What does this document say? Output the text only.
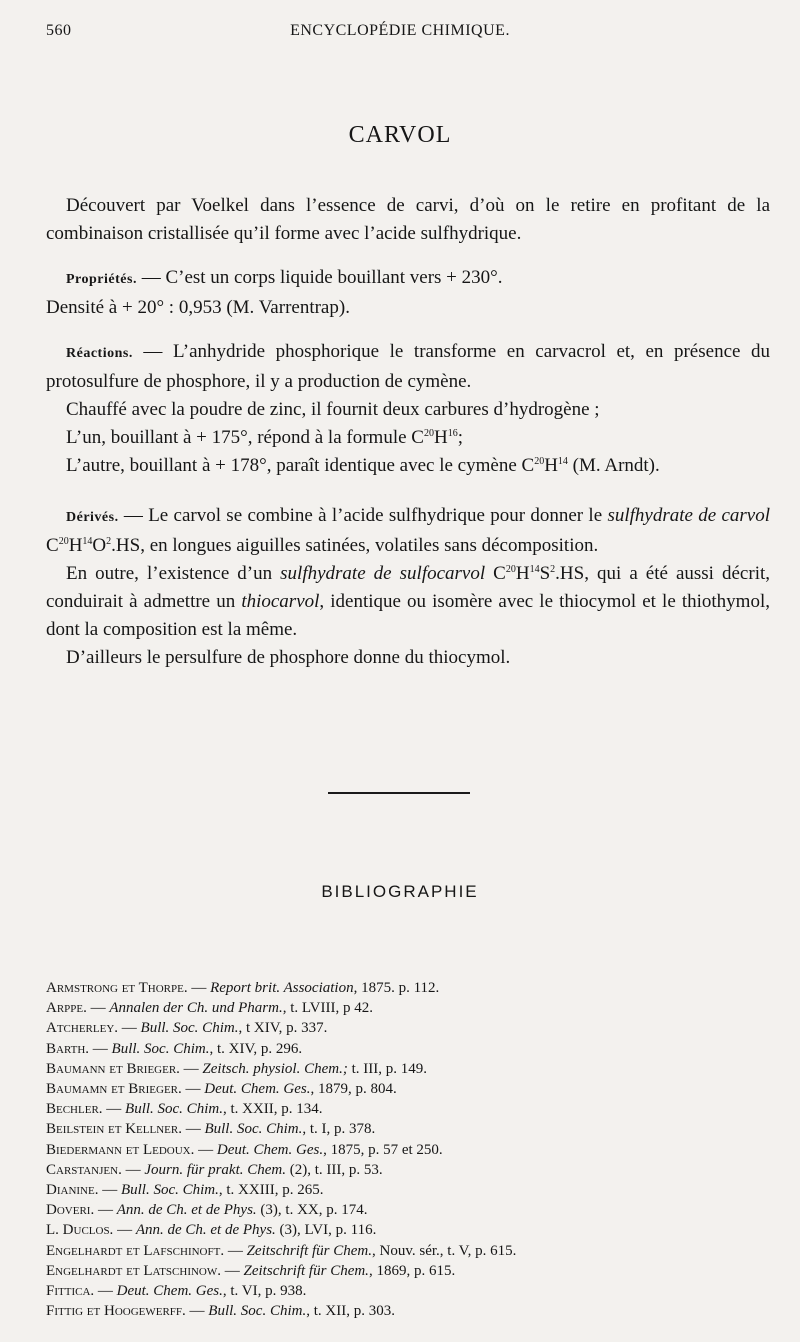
560	ENCYCLOPÉDIE CHIMIQUE.
CARVOL

Découvert par Voelkel dans l’essence de carvi, d’où on le retire en profitant de la combinaison cristallisée qu’il forme avec l’acide sulfhydrique.

Propriétés. — C’est un corps liquide bouillant vers + 230°.

Densité à + 20° : 0,953 (M. Varrentrap).

Réactions. — L’anhydride phosphorique le transforme en carvacrol et, en présence du protosulfure de phosphore, il y a production de cymène.

Chauffé avec la poudre de zinc, il fournit deux carbures d’hydrogène ;

L’un, bouillant à + 175°, répond à la formule $C^{20}H^{16}$;

L’autre, bouillant à + 178°, paraît identique avec le cymène $C^{20}H^{14}$ (M. Arndt).

Dérivés. — Le carvol se combine à l’acide sulfhydrique pour donner le sulfhydrate de carvol $C^{20}H^{14}O^2.HS$, en longues aiguilles satinées, volatiles sans décomposition.

En outre, l’existence d’un sulfhydrate de sulfocarvol $C^{20}H^{14}S^2.HS$, qui a été aussi décrit, conduirait à admettre un thiocarvol, identique ou isomère avec le thiocymol et le thiothymol, dont la composition est la même.

D’ailleurs le persulfure de phosphore donne du thiocymol.

BIBLIOGRAPHIE
Armstrong et Thorpe. — Report brit. Association, 1875. p. 112.
Arppe. — Annalen der Ch. und Pharm., t. LVIII, p 42.
Atcherley. — Bull. Soc. Chim., t XIV, p. 337.
Barth. — Bull. Soc. Chim., t. XIV, p. 296.
Baumann et Brieger. — Zeitsch. physiol. Chem.; t. III, p. 149.
Baumamn et Brieger. — Deut. Chem. Ges., 1879, p. 804.
Bechler. — Bull. Soc. Chim., t. XXII, p. 134.
Beilstein et Kellner. — Bull. Soc. Chim., t. I, p. 378.
Biedermann et Ledoux. — Deut. Chem. Ges., 1875, p. 57 et 250.
Carstanjen. — Journ. für prakt. Chem. (2), t. III, p. 53.
Dianine. — Bull. Soc. Chim., t. XXIII, p. 265.
Doveri. — Ann. de Ch. et de Phys. (3), t. XX, p. 174.
L. Duclos. — Ann. de Ch. et de Phys. (3), LVI, p. 116.
Engelhardt et Lafschinoft. — Zeitschrift für Chem., Nouv. sér., t. V, p. 615.
Engelhardt et Latschinow. — Zeitschrift für Chem., 1869, p. 615.
Fittica. — Deut. Chem. Ges., t. VI, p. 938.
Fittig et Hoogewerff. — Bull. Soc. Chim., t. XII, p. 303.
